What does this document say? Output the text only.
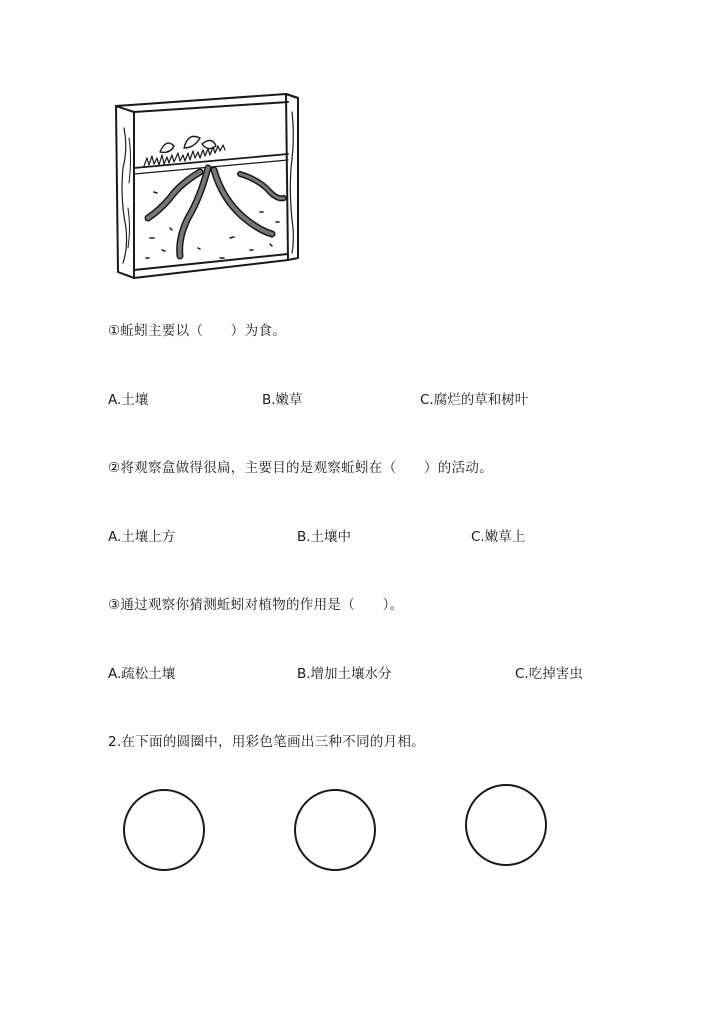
①蚯蚓主要以（　　）为食。
A.土壤	B.嫩草	C.腐烂的草和树叶
②将观察盒做得很扁，主要目的是观察蚯蚓在（　　）的活动。
A.土壤上方	B.土壤中	C.嫩草上
③通过观察你猜测蚯蚓对植物的作用是（　　）。
A.疏松土壤	B.增加土壤水分	C.吃掉害虫
2.在下面的圆圈中，用彩色笔画出三种不同的月相。
